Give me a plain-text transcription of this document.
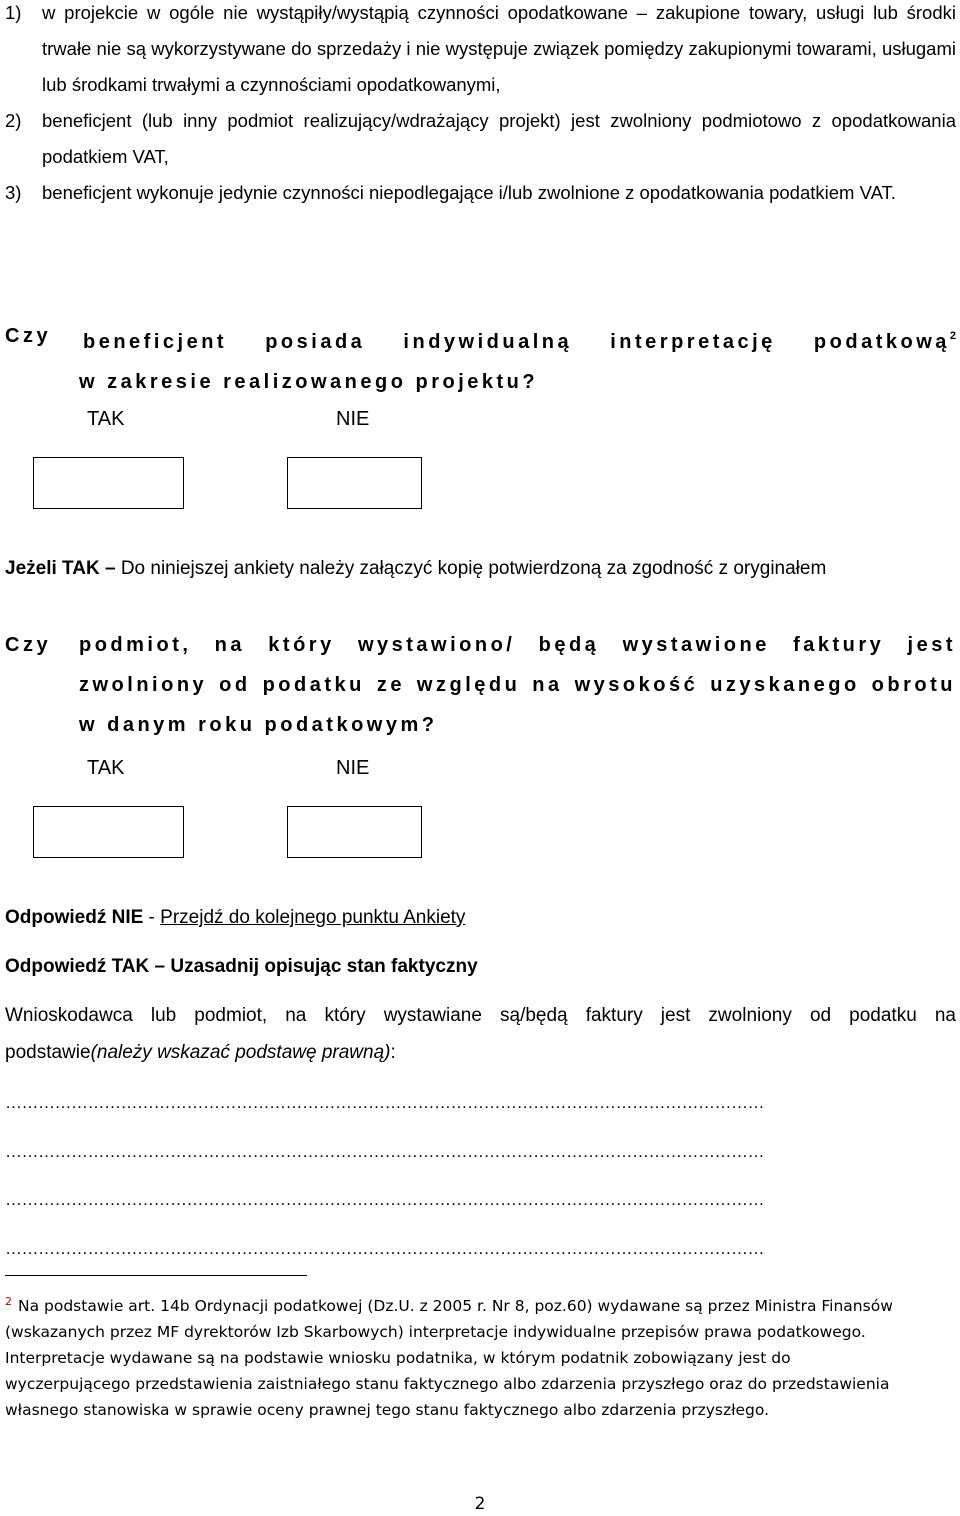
1) w projekcie w ogóle nie wystąpiły/wystąpią czynności opodatkowane – zakupione towary, usługi lub środki trwałe nie są wykorzystywane do sprzedaży i nie występuje związek pomiędzy zakupionymi towarami, usługami lub środkami trwałymi a czynnościami opodatkowanymi,
2) beneficjent (lub inny podmiot realizujący/wdrażający projekt) jest zwolniony podmiotowo z opodatkowania podatkiem VAT,
3) beneficjent wykonuje jedynie czynności niepodlegające i/lub zwolnione z opodatkowania podatkiem VAT.
Czy beneficjent posiada indywidualną interpretację podatkową$^2$
w zakresie realizowanego projektu?
TAK	NIE
Jeżeli TAK – Do niniejszej ankiety należy załączyć kopię potwierdzoną za zgodność z oryginałem
Czy podmiot, na który wystawiono/ będą wystawione faktury jest zwolniony od podatku ze względu na wysokość uzyskanego obrotu w danym roku podatkowym?
TAK	NIE
Odpowiedź NIE - Przejdź do kolejnego punktu Ankiety
Odpowiedź TAK – Uzasadnij opisując stan faktyczny
Wnioskodawca lub podmiot, na który wystawiane są/będą faktury jest zwolniony od podatku na
podstawie(należy wskazać podstawę prawną):
…………………………………………………………………………………………………………………………
…………………………………………………………………………………………………………………………
…………………………………………………………………………………………………………………………
…………………………………………………………………………………………………………………………
$^2$ Na podstawie art. 14b Ordynacji podatkowej (Dz.U. z 2005 r. Nr 8, poz.60) wydawane są przez Ministra Finansów (wskazanych przez MF dyrektorów Izb Skarbowych) interpretacje indywidualne przepisów prawa podatkowego. Interpretacje wydawane są na podstawie wniosku podatnika, w którym podatnik zobowiązany jest do wyczerpującego przedstawienia zaistniałego stanu faktycznego albo zdarzenia przyszłego oraz do przedstawienia własnego stanowiska w sprawie oceny prawnej tego stanu faktycznego albo zdarzenia przyszłego.
2
